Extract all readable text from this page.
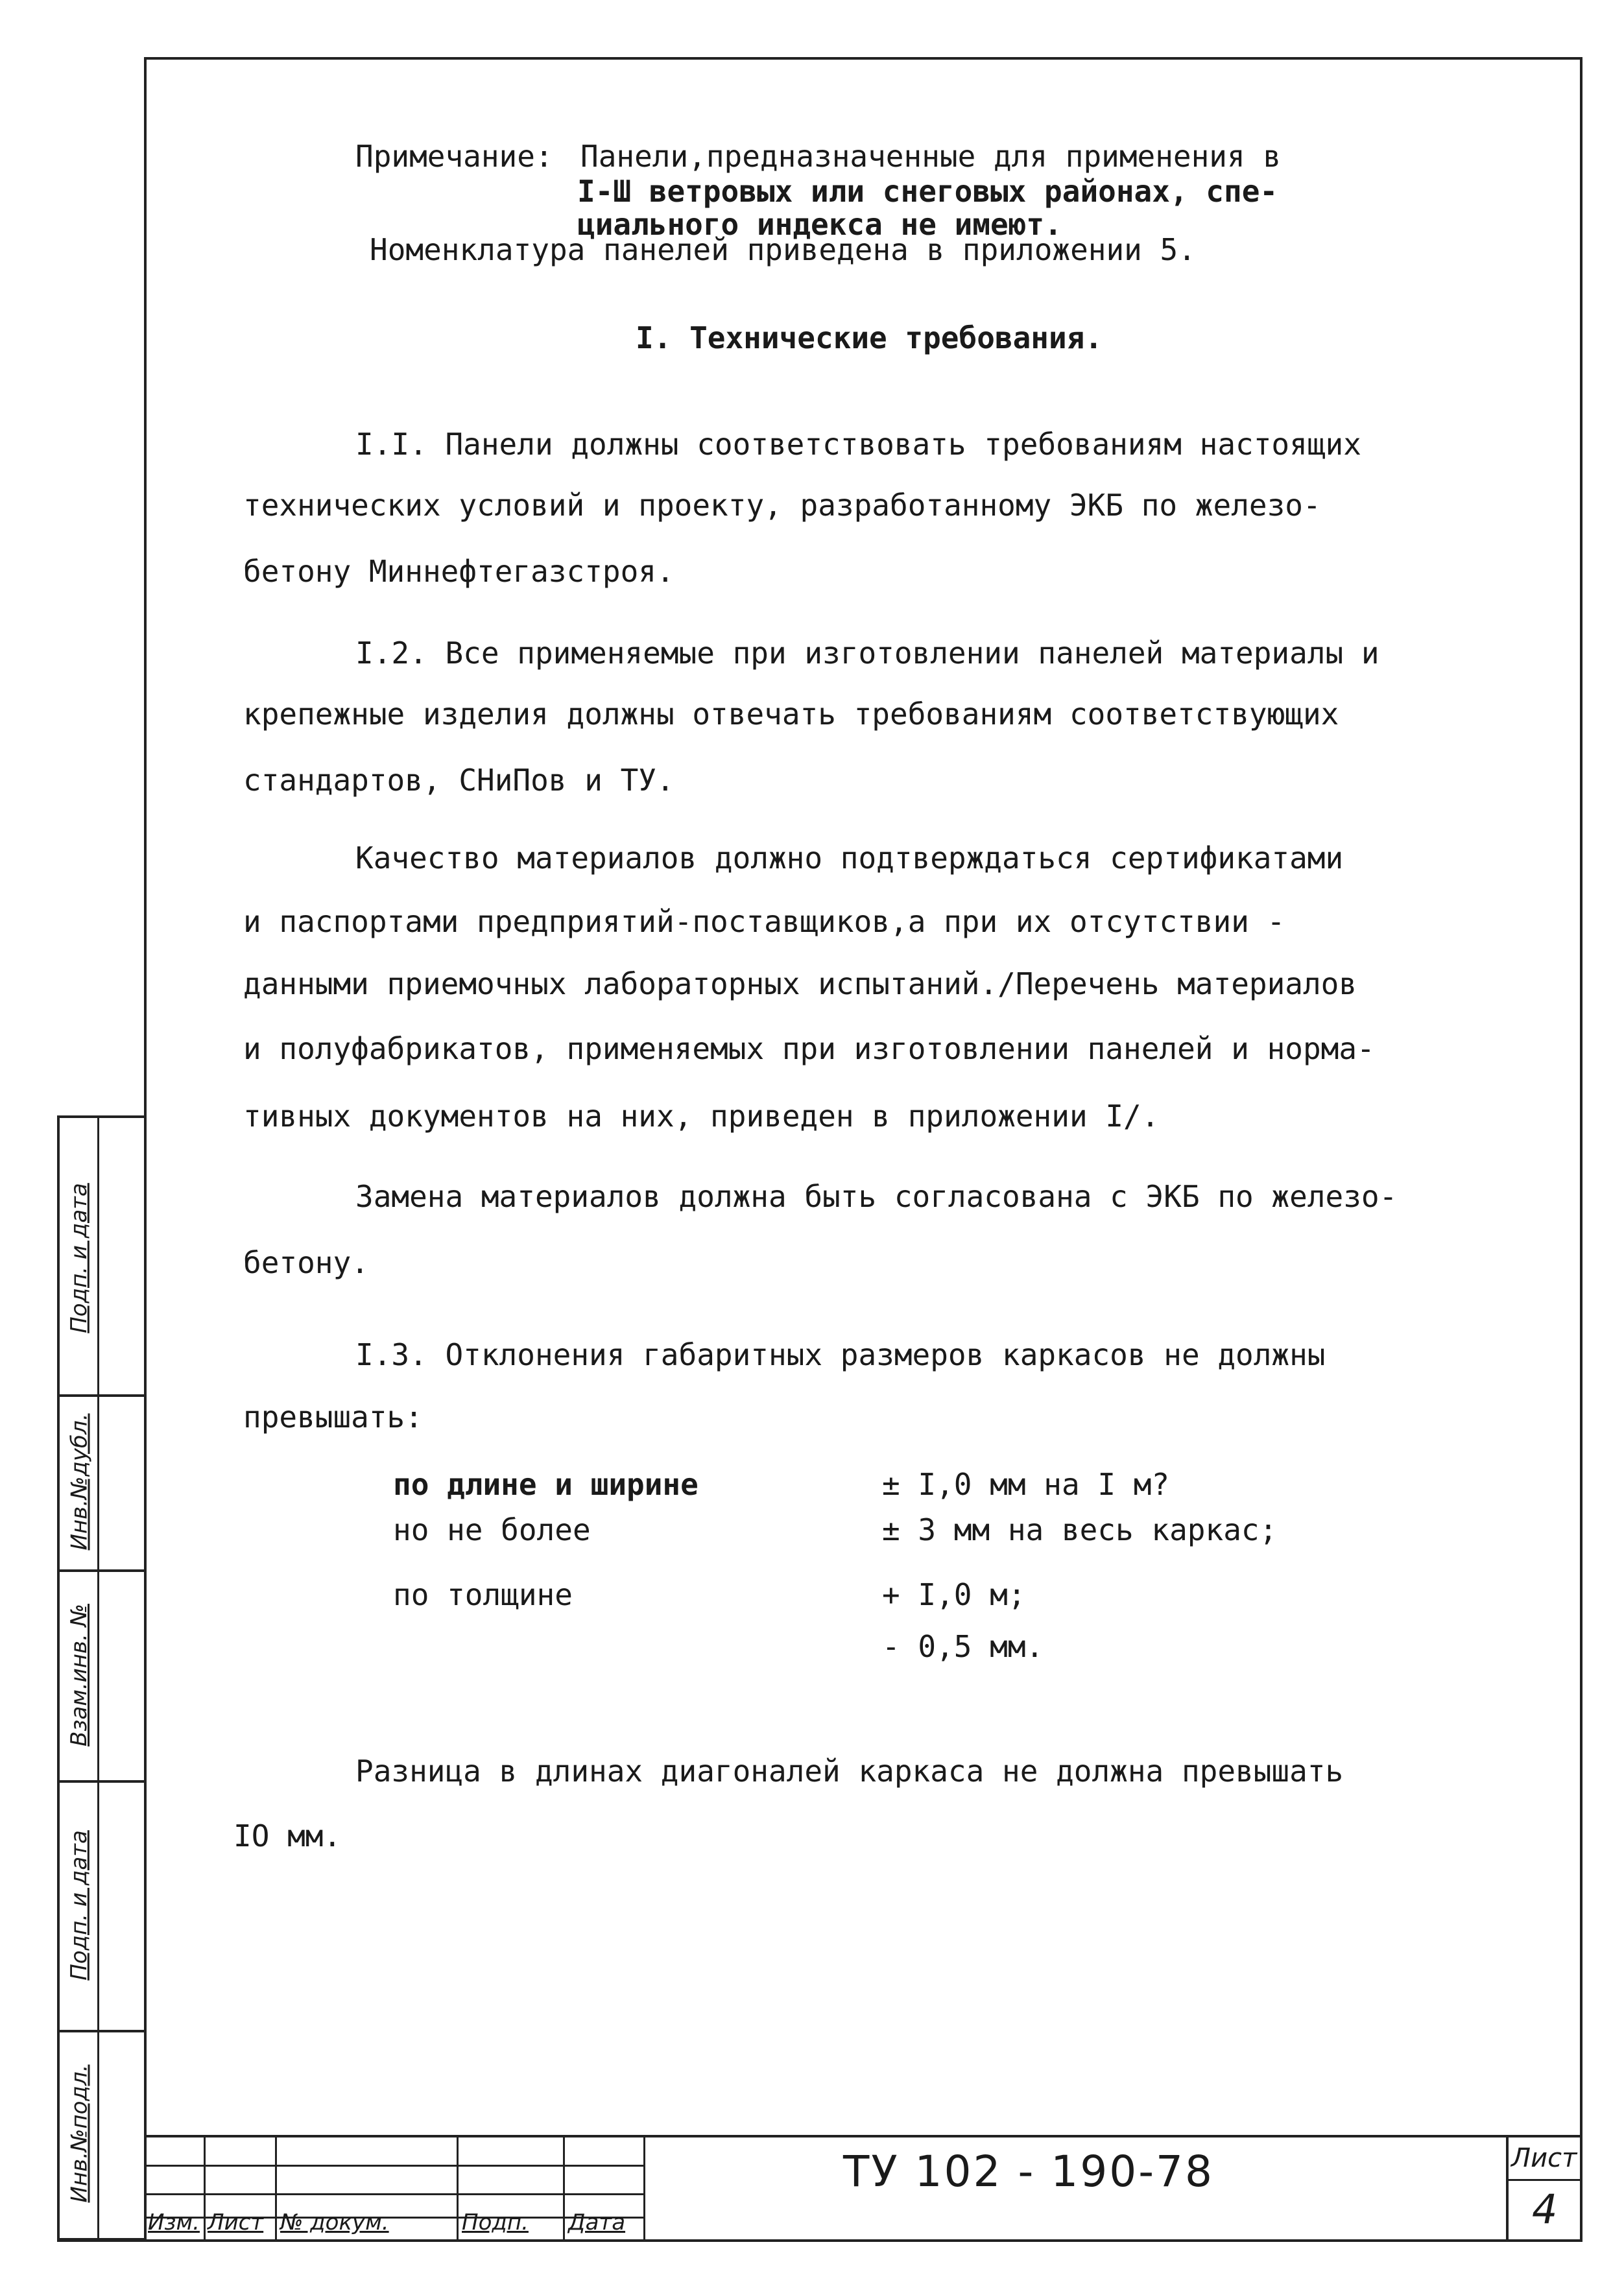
Подп. и дата
Инв.№дубл.
Взам.инв. №
Подп. и дата
Инв.№подл.
Примечание: Панели,предназначенные для применения в
I-Ш ветровых или снеговых районах, спе-
циального индекса не имеют.
Номенклатура панелей приведена в приложении 5.
I. Технические требования.
I.I. Панели должны соответствовать требованиям настоящих
технических условий и проекту, разработанному ЭКБ по железо-
бетону Миннефтегазстроя.
I.2. Все применяемые при изготовлении панелей материалы и
крепежные изделия должны отвечать требованиям соответствующих
стандартов, СНиПов и ТУ.
Качество материалов должно подтверждаться сертификатами
и паспортами предприятий-поставщиков,а при их отсутствии -
данными приемочных лабораторных испытаний./Перечень материалов
и полуфабрикатов, применяемых при изготовлении панелей и норма-
тивных документов на них, приведен в приложении I/.
Замена материалов должна быть согласована с ЭКБ по железо-
бетону.
I.3. Отклонения габаритных размеров каркасов не должны
превышать:
по длине и ширине	± I,0 мм на I м?
но не более	± 3 мм на весь каркас;
по толщине	+ I,0 м;
- 0,5 мм.
Разница в длинах диагоналей каркаса не должна превышать
IO мм.
Изм. Лист № докум.	Подп. Дата
ТУ 102 - 190-78	Лист
4
